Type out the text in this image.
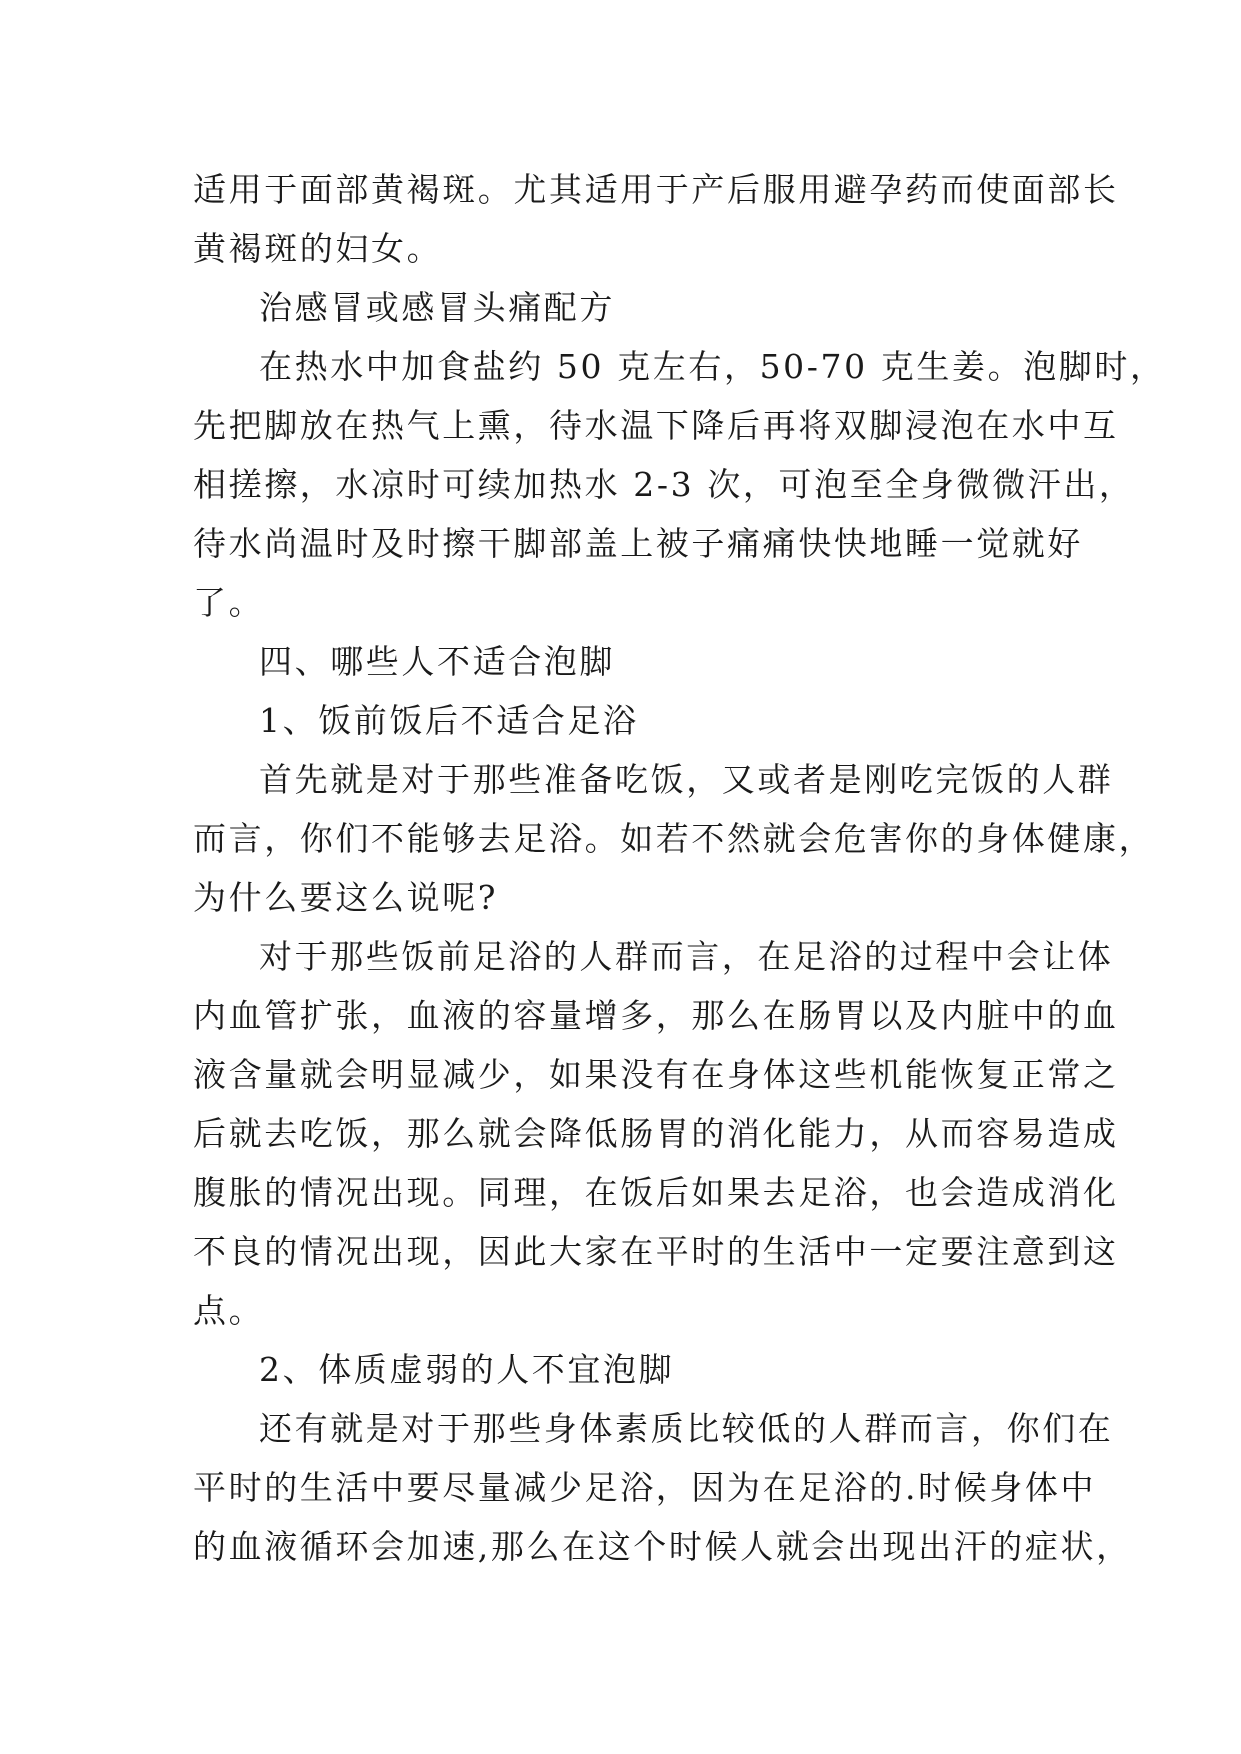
适用于面部黄褐斑。尤其适用于产后服用避孕药而使面部长
黄褐斑的妇女。
治感冒或感冒头痛配方
在热水中加食盐约 50 克左右，50-70 克生姜。泡脚时，
先把脚放在热气上熏，待水温下降后再将双脚浸泡在水中互
相搓擦，水凉时可续加热水 2-3 次，可泡至全身微微汗出，
待水尚温时及时擦干脚部盖上被子痛痛快快地睡一觉就好
了。
四、哪些人不适合泡脚
1、饭前饭后不适合足浴
首先就是对于那些准备吃饭，又或者是刚吃完饭的人群
而言，你们不能够去足浴。如若不然就会危害你的身体健康，
为什么要这么说呢?
对于那些饭前足浴的人群而言，在足浴的过程中会让体
内血管扩张，血液的容量增多，那么在肠胃以及内脏中的血
液含量就会明显减少，如果没有在身体这些机能恢复正常之
后就去吃饭，那么就会降低肠胃的消化能力，从而容易造成
腹胀的情况出现。同理，在饭后如果去足浴，也会造成消化
不良的情况出现，因此大家在平时的生活中一定要注意到这
点。
2、体质虚弱的人不宜泡脚
还有就是对于那些身体素质比较低的人群而言，你们在
平时的生活中要尽量减少足浴，因为在足浴的.时候身体中
的血液循环会加速,那么在这个时候人就会出现出汗的症状，
